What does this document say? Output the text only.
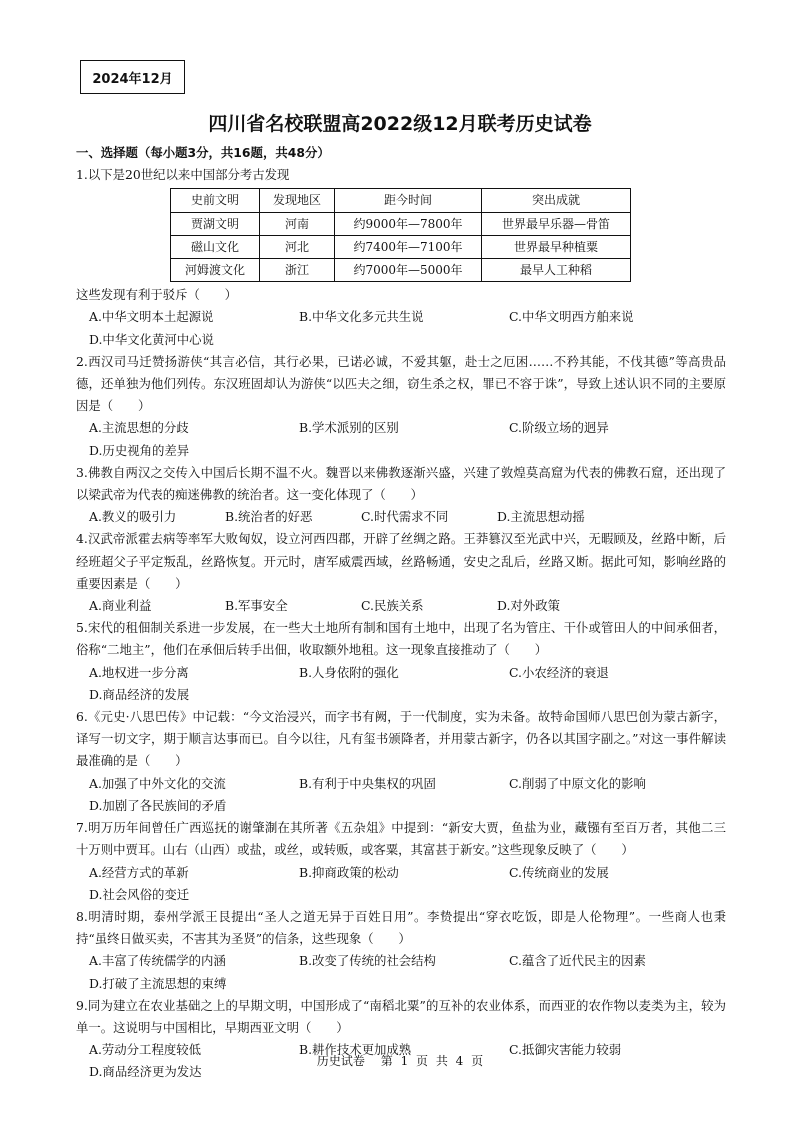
2024年12月
四川省名校联盟高2022级12月联考历史试卷
一、选择题（每小题3分，共16题，共48分）
1.以下是20世纪以来中国部分考古发现
史前文明	发现地区	距今时间	突出成就
贾湖文明	河南	约9000年—7800年	世界最早乐器—骨笛
磁山文化	河北	约7400年—7100年	世界最早种植粟
河姆渡文化	浙江	约7000年—5000年	最早人工种稻
这些发现有利于驳斥（　　）
A.中华文明本土起源说	B.中华文化多元共生说	C.中华文明西方舶来说
D.中华文化黄河中心说
2.西汉司马迁赞扬游侠“其言必信，其行必果，已诺必诚，不爱其躯，赴士之厄困……不矜其能，不伐其德”等高贵品德，还单独为他们列传。东汉班固却认为游侠“以匹夫之细，窃生杀之权，罪已不容于诛”，导致上述认识不同的主要原因是（　　）
A.主流思想的分歧	B.学术派别的区别	C.阶级立场的迥异
D.历史视角的差异
3.佛教自两汉之交传入中国后长期不温不火。魏晋以来佛教逐渐兴盛，兴建了敦煌莫高窟为代表的佛教石窟，还出现了以梁武帝为代表的痴迷佛教的统治者。这一变化体现了（　　）
A.教义的吸引力	B.统治者的好恶	C.时代需求不同	D.主流思想动摇
4.汉武帝派霍去病等率军大败匈奴，设立河西四郡，开辟了丝绸之路。王莽篡汉至光武中兴，无暇顾及，丝路中断，后经班超父子平定叛乱，丝路恢复。开元时，唐军威震西域，丝路畅通，安史之乱后，丝路又断。据此可知，影响丝路的重要因素是（　　）
A.商业利益	B.军事安全	C.民族关系	D.对外政策
5.宋代的租佃制关系进一步发展，在一些大土地所有制和国有土地中，出现了名为管庄、干仆或管田人的中间承佃者，俗称“二地主”，他们在承佃后转手出佃，收取额外地租。这一现象直接推动了（　　）
A.地权进一步分离	B.人身依附的强化	C.小农经济的衰退
D.商品经济的发展
6.《元史·八思巴传》中记载：“今文治浸兴，而字书有阙，于一代制度，实为未备。故特命国师八思巴创为蒙古新字，译写一切文字，期于顺言达事而已。自今以往，凡有玺书颁降者，并用蒙古新字，仍各以其国字副之。”对这一事件解读最准确的是（　　）
A.加强了中外文化的交流	B.有利于中央集权的巩固	C.削弱了中原文化的影响
D.加剧了各民族间的矛盾
7.明万历年间曾任广西巡抚的谢肇淛在其所著《五杂俎》中提到：“新安大贾，鱼盐为业，藏镪有至百万者，其他二三十万则中贾耳。山右（山西）或盐，或丝，或转贩，或客粟，其富甚于新安。”这些现象反映了（　　）
A.经营方式的革新	B.抑商政策的松动	C.传统商业的发展
D.社会风俗的变迁
8.明清时期，泰州学派王艮提出“圣人之道无异于百姓日用”。李贽提出“穿衣吃饭，即是人伦物理”。一些商人也秉持“虽终日做买卖，不害其为圣贤”的信条，这些现象（　　）
A.丰富了传统儒学的内涵	B.改变了传统的社会结构	C.蕴含了近代民主的因素
D.打破了主流思想的束缚
9.同为建立在农业基础之上的早期文明，中国形成了“南稻北粟”的互补的农业体系，而西亚的农作物以麦类为主，较为单一。这说明与中国相比，早期西亚文明（　　）
A.劳动分工程度较低	B.耕作技术更加成熟	C.抵御灾害能力较弱
D.商品经济更为发达
历史试卷 第 1 页 共 4 页
